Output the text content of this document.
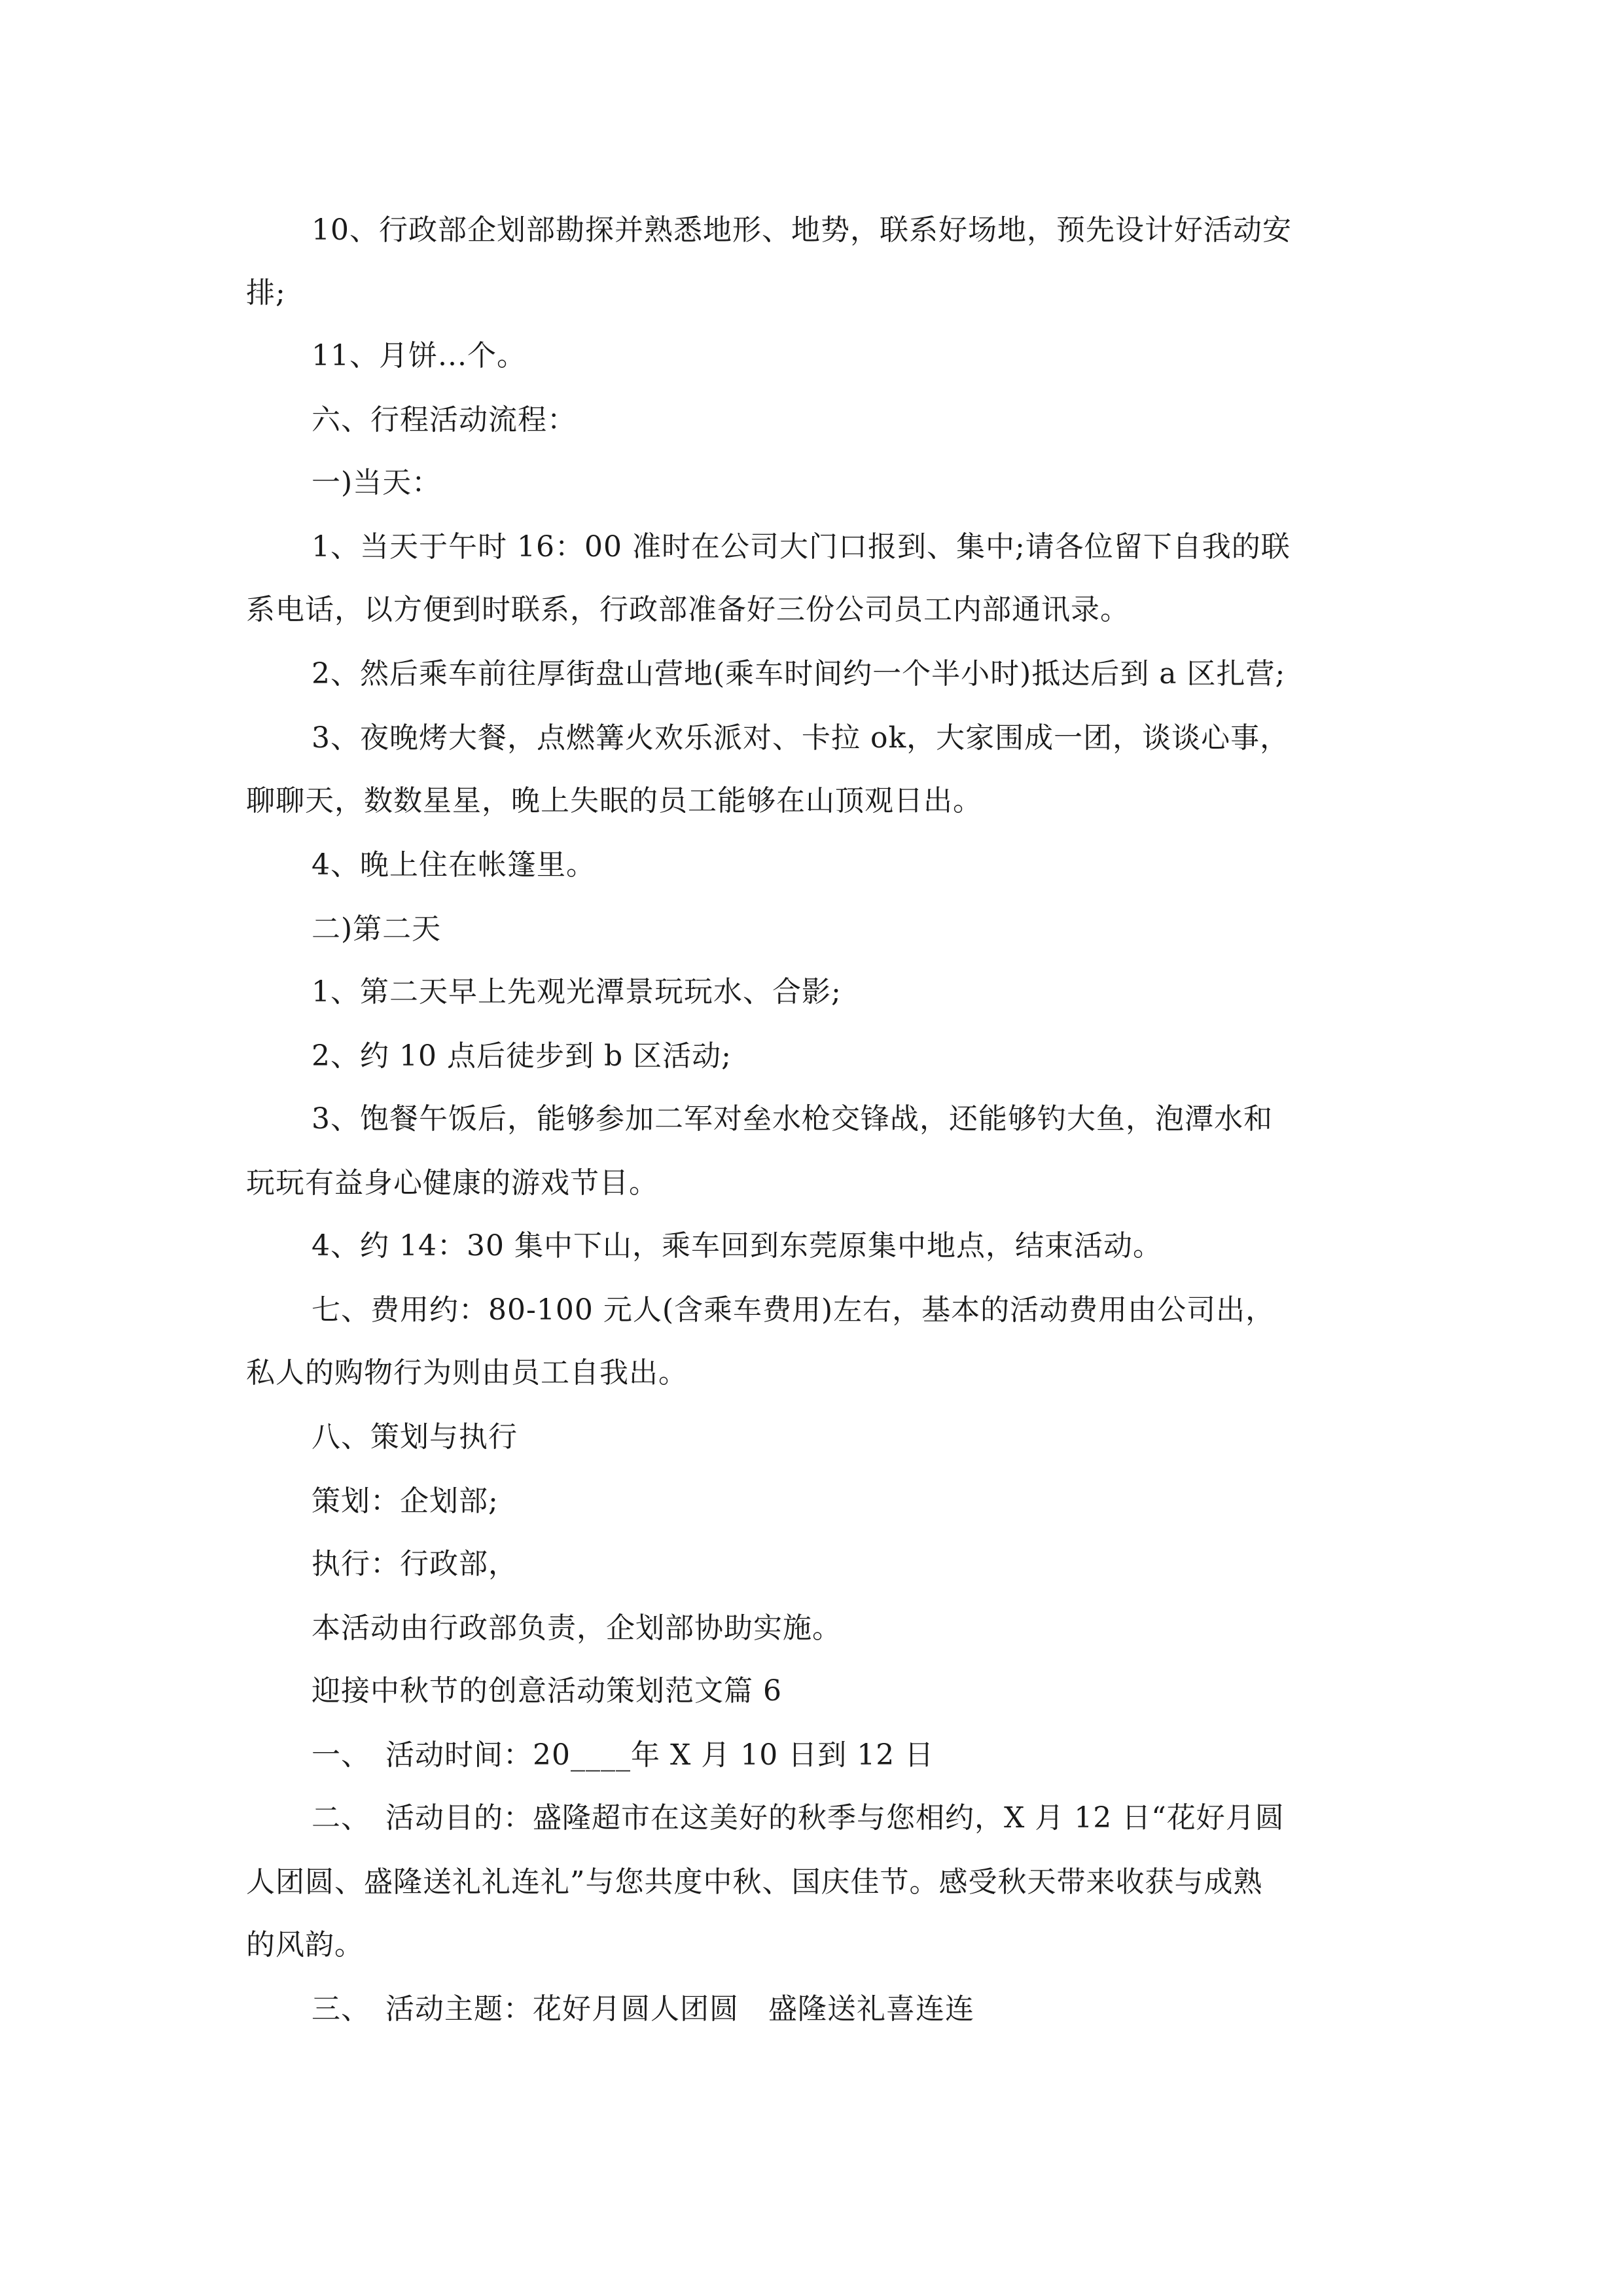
10、行政部企划部勘探并熟悉地形、地势，联系好场地，预先设计好活动安
排;
11、月饼...个。
六、行程活动流程：
一)当天：
1、当天于午时 16：00 准时在公司大门口报到、集中;请各位留下自我的联
系电话，以方便到时联系，行政部准备好三份公司员工内部通讯录。
2、然后乘车前往厚街盘山营地(乘车时间约一个半小时)抵达后到 a 区扎营;
3、夜晚烤大餐，点燃篝火欢乐派对、卡拉 ok，大家围成一团，谈谈心事，
聊聊天，数数星星，晚上失眠的员工能够在山顶观日出。
4、晚上住在帐篷里。
二)第二天
1、第二天早上先观光潭景玩玩水、合影;
2、约 10 点后徒步到 b 区活动;
3、饱餐午饭后，能够参加二军对垒水枪交锋战，还能够钓大鱼，泡潭水和
玩玩有益身心健康的游戏节目。
4、约 14：30 集中下山，乘车回到东莞原集中地点，结束活动。
七、费用约：80-100 元人(含乘车费用)左右，基本的活动费用由公司出，
私人的购物行为则由员工自我出。
八、策划与执行
策划：企划部;
执行：行政部，
本活动由行政部负责，企划部协助实施。
迎接中秋节的创意活动策划范文篇 6
一、　活动时间：20____年 X 月 10 日到 12 日
二、　活动目的：盛隆超市在这美好的秋季与您相约，X 月 12 日“花好月圆
人团圆、盛隆送礼礼连礼”与您共度中秋、国庆佳节。感受秋天带来收获与成熟
的风韵。
三、　活动主题：花好月圆人团圆　盛隆送礼喜连连
